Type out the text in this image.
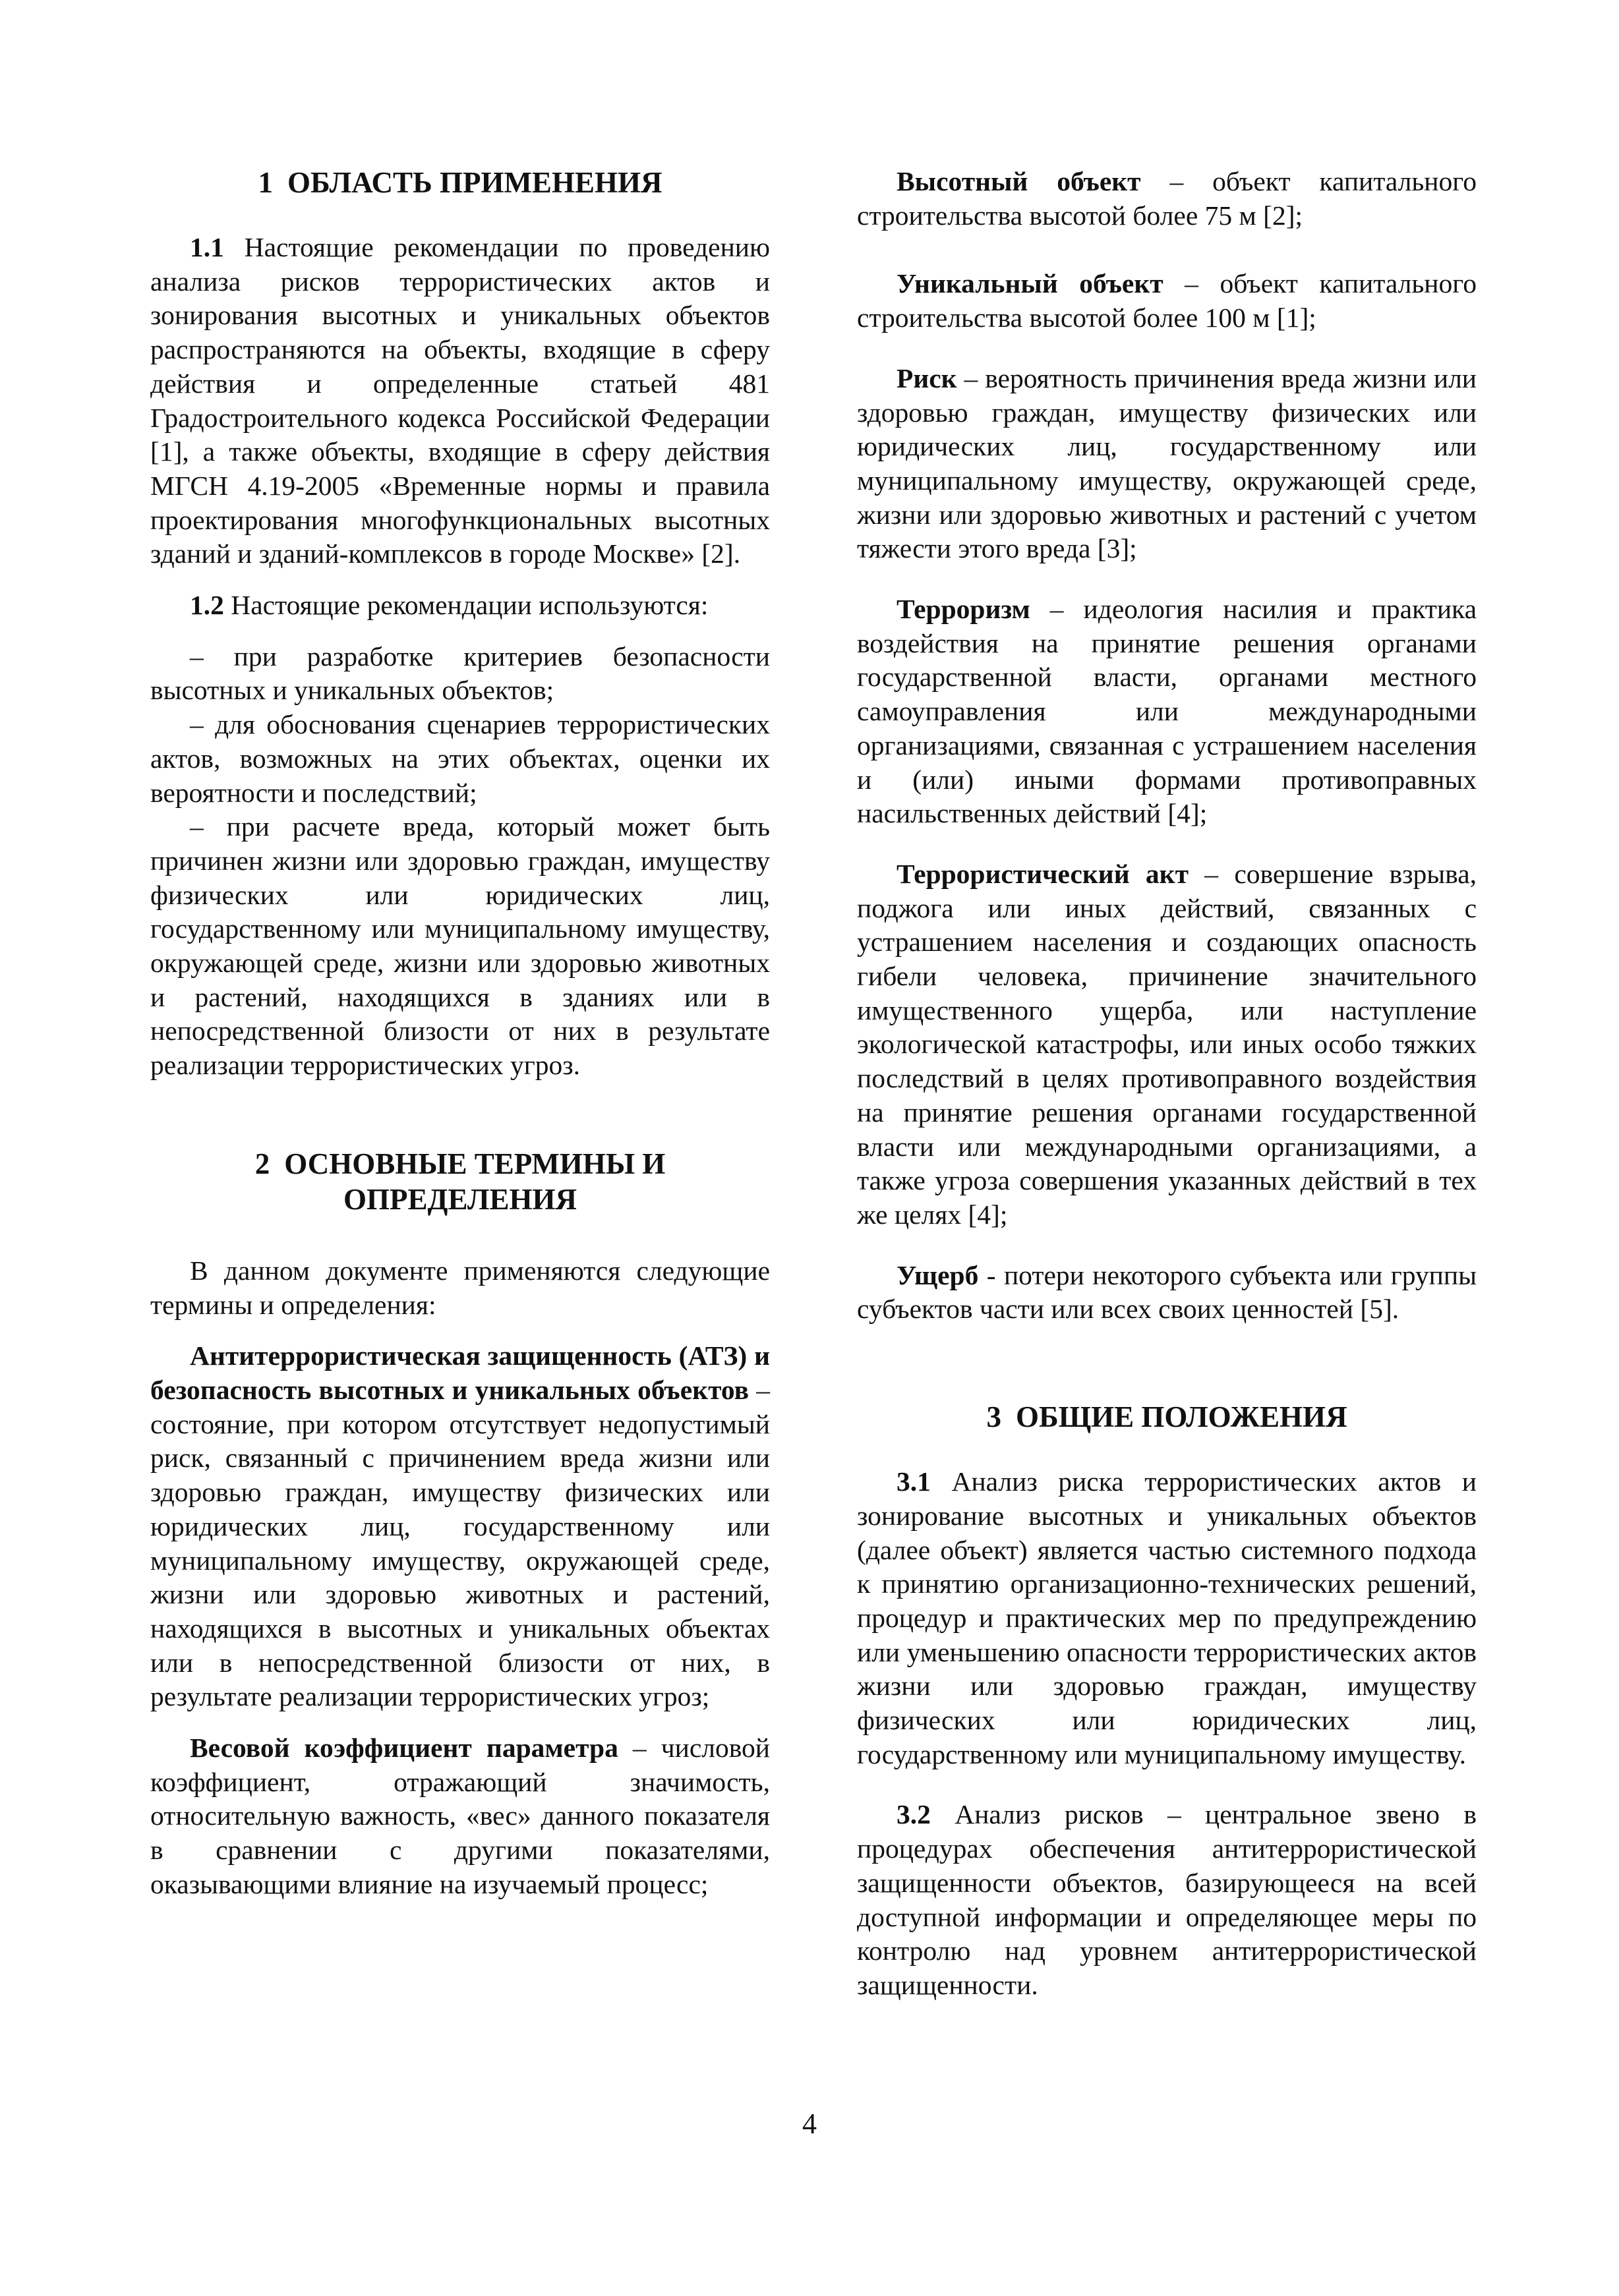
1 ОБЛАСТЬ ПРИМЕНЕНИЯ

1.1 Настоящие рекомендации по проведению анализа рисков террористических актов и зонирования высотных и уникальных объектов распространяются на объекты, входящие в сферу действия и определенные статьей 481 Градостроительного кодекса Российской Федерации [1], а также объекты, входящие в сферу действия МГСН 4.19-2005 «Временные нормы и правила проектирования многофункциональных высотных зданий и зданий-комплексов в городе Москве» [2].

1.2 Настоящие рекомендации используются:

– при разработке критериев безопасности высотных и уникальных объектов;

– для обоснования сценариев террористических актов, возможных на этих объектах, оценки их вероятности и последствий;

– при расчете вреда, который может быть причинен жизни или здоровью граждан, имуществу физических или юридических лиц, государственному или муниципальному имуществу, окружающей среде, жизни или здоровью животных и растений, находящихся в зданиях или в непосредственной близости от них в результате реализации террористических угроз.

2 ОСНОВНЫЕ ТЕРМИНЫ И
ОПРЕДЕЛЕНИЯ

В данном документе применяются следующие термины и определения:

Антитеррористическая защищенность (АТЗ) и безопасность высотных и уникальных объектов – состояние, при котором отсутствует недопустимый риск, связанный с причинением вреда жизни или здоровью граждан, имуществу физических или юридических лиц, государственному или муниципальному имуществу, окружающей среде, жизни или здоровью животных и растений, находящихся в высотных и уникальных объектах или в непосредственной близости от них, в результате реализации террористических угроз;

Весовой коэффициент параметра – числовой коэффициент, отражающий значимость, относительную важность, «вес» данного показателя в сравнении с другими показателями, оказывающими влияние на изучаемый процесс;

Высотный объект – объект капитального строительства высотой более 75 м [2];

Уникальный объект – объект капитального строительства высотой более 100 м [1];

Риск – вероятность причинения вреда жизни или здоровью граждан, имуществу физических или юридических лиц, государственному или муниципальному имуществу, окружающей среде, жизни или здоровью животных и растений с учетом тяжести этого вреда [3];

Терроризм – идеология насилия и практика воздействия на принятие решения органами государственной власти, органами местного самоуправления или международными организациями, связанная с устрашением населения и (или) иными формами противоправных насильственных действий [4];

Террористический акт – совершение взрыва, поджога или иных действий, связанных с устрашением населения и создающих опасность гибели человека, причинение значительного имущественного ущерба, или наступление экологической катастрофы, или иных особо тяжких последствий в целях противоправного воздействия на принятие решения органами государственной власти или международными организациями, а также угроза совершения указанных действий в тех же целях [4];

Ущерб - потери некоторого субъекта или группы субъектов части или всех своих ценностей [5].

3 ОБЩИЕ ПОЛОЖЕНИЯ

3.1 Анализ риска террористических актов и зонирование высотных и уникальных объектов (далее объект) является частью системного подхода к принятию организационно-технических решений, процедур и практических мер по предупреждению или уменьшению опасности террористических актов жизни или здоровью граждан, имуществу физических или юридических лиц, государственному или муниципальному имуществу.

3.2 Анализ рисков – центральное звено в процедурах обеспечения антитеррористической защищенности объектов, базирующееся на всей доступной информации и определяющее меры по контролю над уровнем антитеррористической защищенности.

4
